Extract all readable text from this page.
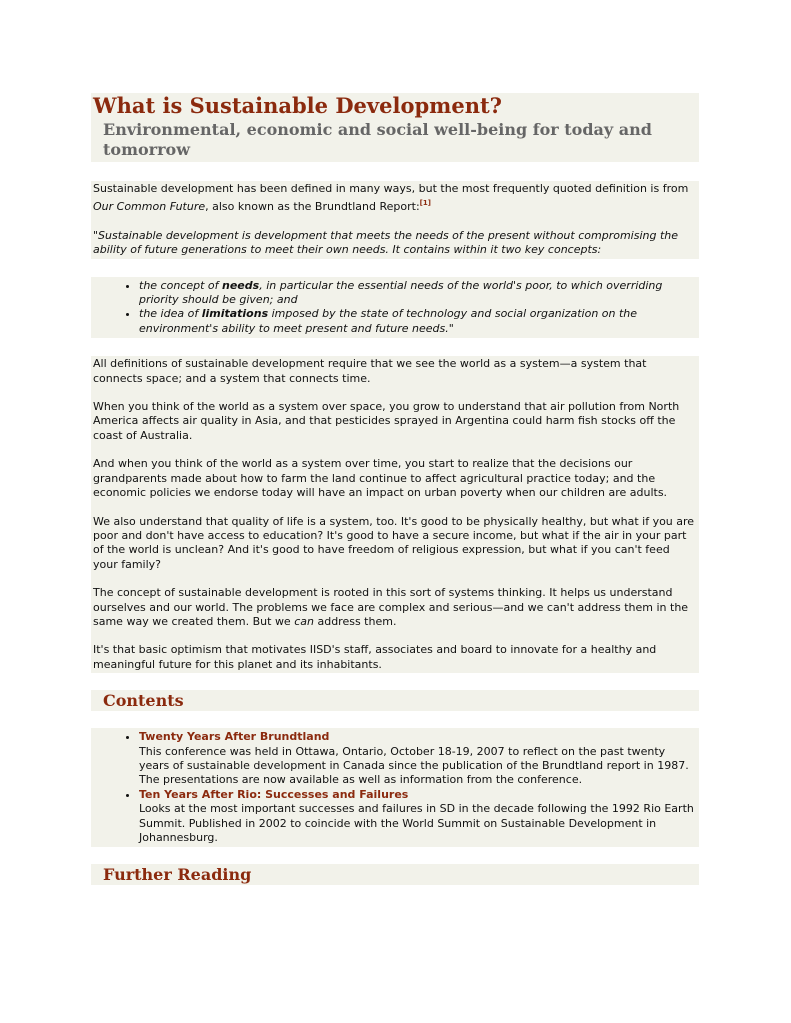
What is Sustainable Development?
Environmental, economic and social well-being for today and tomorrow

Sustainable development has been defined in many ways, but the most frequently quoted definition is from Our Common Future, also known as the Brundtland Report:[1]

"Sustainable development is development that meets the needs of the present without compromising the ability of future generations to meet their own needs. It contains within it two key concepts:

• the concept of needs, in particular the essential needs of the world's poor, to which overriding priority should be given; and
• the idea of limitations imposed by the state of technology and social organization on the environment's ability to meet present and future needs."

All definitions of sustainable development require that we see the world as a system—a system that connects space; and a system that connects time.

When you think of the world as a system over space, you grow to understand that air pollution from North America affects air quality in Asia, and that pesticides sprayed in Argentina could harm fish stocks off the coast of Australia.

And when you think of the world as a system over time, you start to realize that the decisions our grandparents made about how to farm the land continue to affect agricultural practice today; and the economic policies we endorse today will have an impact on urban poverty when our children are adults.

We also understand that quality of life is a system, too. It's good to be physically healthy, but what if you are poor and don't have access to education? It's good to have a secure income, but what if the air in your part of the world is unclean? And it's good to have freedom of religious expression, but what if you can't feed your family?

The concept of sustainable development is rooted in this sort of systems thinking. It helps us understand ourselves and our world. The problems we face are complex and serious—and we can't address them in the same way we created them. But we can address them.

It's that basic optimism that motivates IISD's staff, associates and board to innovate for a healthy and meaningful future for this planet and its inhabitants.

Contents
• Twenty Years After Brundtland
This conference was held in Ottawa, Ontario, October 18-19, 2007 to reflect on the past twenty years of sustainable development in Canada since the publication of the Brundtland report in 1987. The presentations are now available as well as information from the conference.
• Ten Years After Rio: Successes and Failures
Looks at the most important successes and failures in SD in the decade following the 1992 Rio Earth Summit. Published in 2002 to coincide with the World Summit on Sustainable Development in Johannesburg.
Further Reading
